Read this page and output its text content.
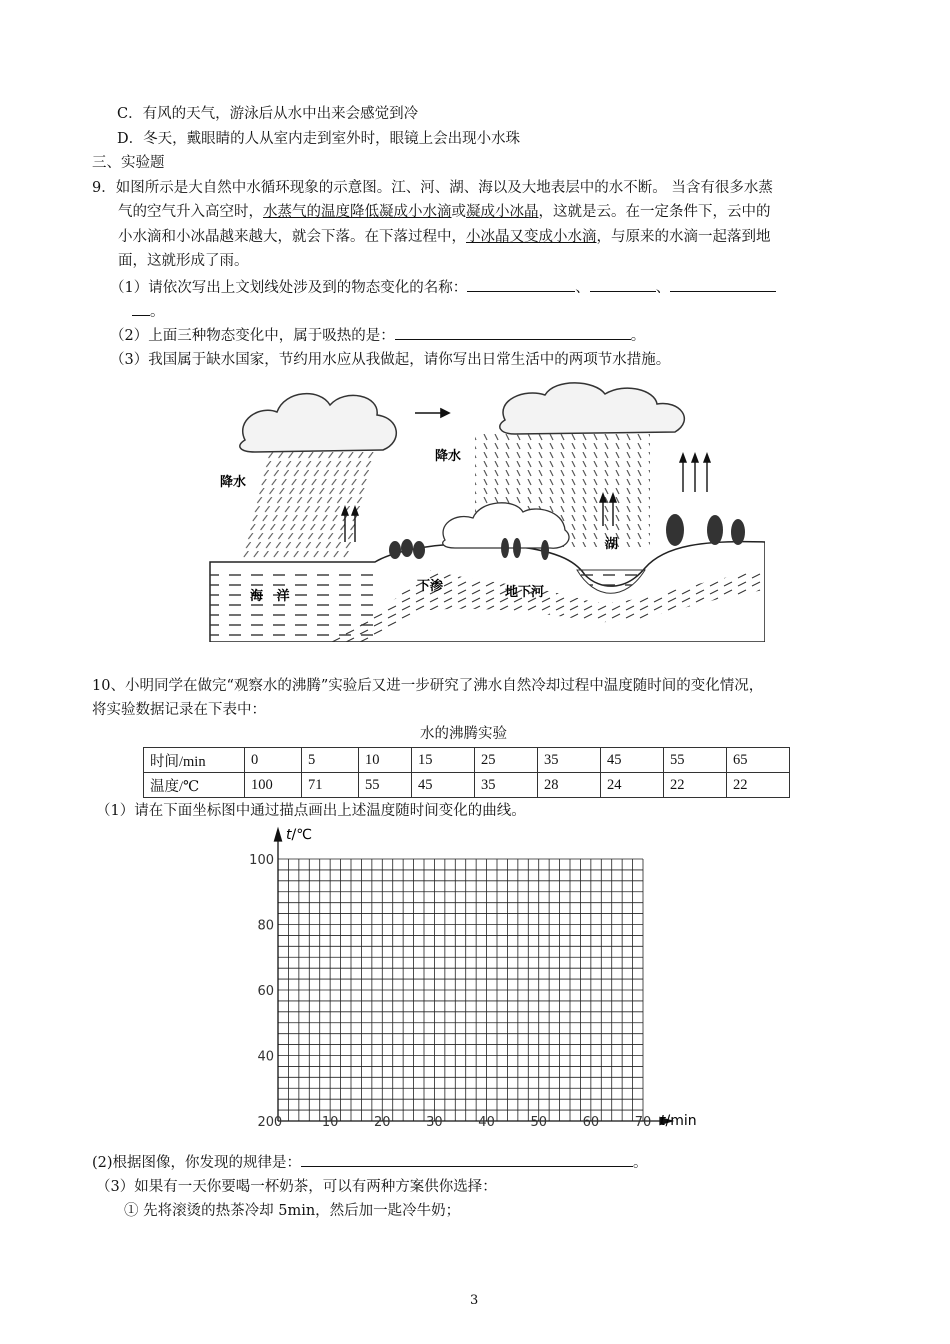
C．有风的天气，游泳后从水中出来会感觉到冷
D．冬天，戴眼睛的人从室内走到室外时，眼镜上会出现小水珠
三、实验题
9．如图所示是大自然中水循环现象的示意图。江、河、湖、海以及大地表层中的水不断。 当含有很多水蒸
气的空气升入高空时，水蒸气的温度降低凝成小水滴或凝成小冰晶，这就是云。在一定条件下，云中的
小水滴和小冰晶越来越大，就会下落。在下落过程中，小冰晶又变成小水滴，与原来的水滴一起落到地
面，这就形成了雨。
（1）请依次写出上文划线处涉及到的物态变化的名称：	、	、
。
（2）上面三种物态变化中，属于吸热的是：	。
（3）我国属于缺水国家，节约用水应从我做起，请你写出日常生活中的两项节水措施。
降水
降水
湖
海   洋
下渗	地下河
10、小明同学在做完“观察水的沸腾”实验后又进一步研究了沸水自然冷却过程中温度随时间的变化情况，
将实验数据记录在下表中：
水的沸腾实验
时间/min	0	5	10	15	25	35	45	55	65
温度/℃	100	71	55	45	35	28	24	22	22
（1）请在下面坐标图中通过描点画出上述温度随时间变化的曲线。
t/℃
t/min
100
80
60
40
20 0	10	20	30	40	50	60	70
(2)根据图像，你发现的规律是：	。
（3）如果有一天你要喝一杯奶茶，可以有两种方案供你选择：
① 先将滚烫的热茶冷却 5min，然后加一匙冷牛奶；
3
